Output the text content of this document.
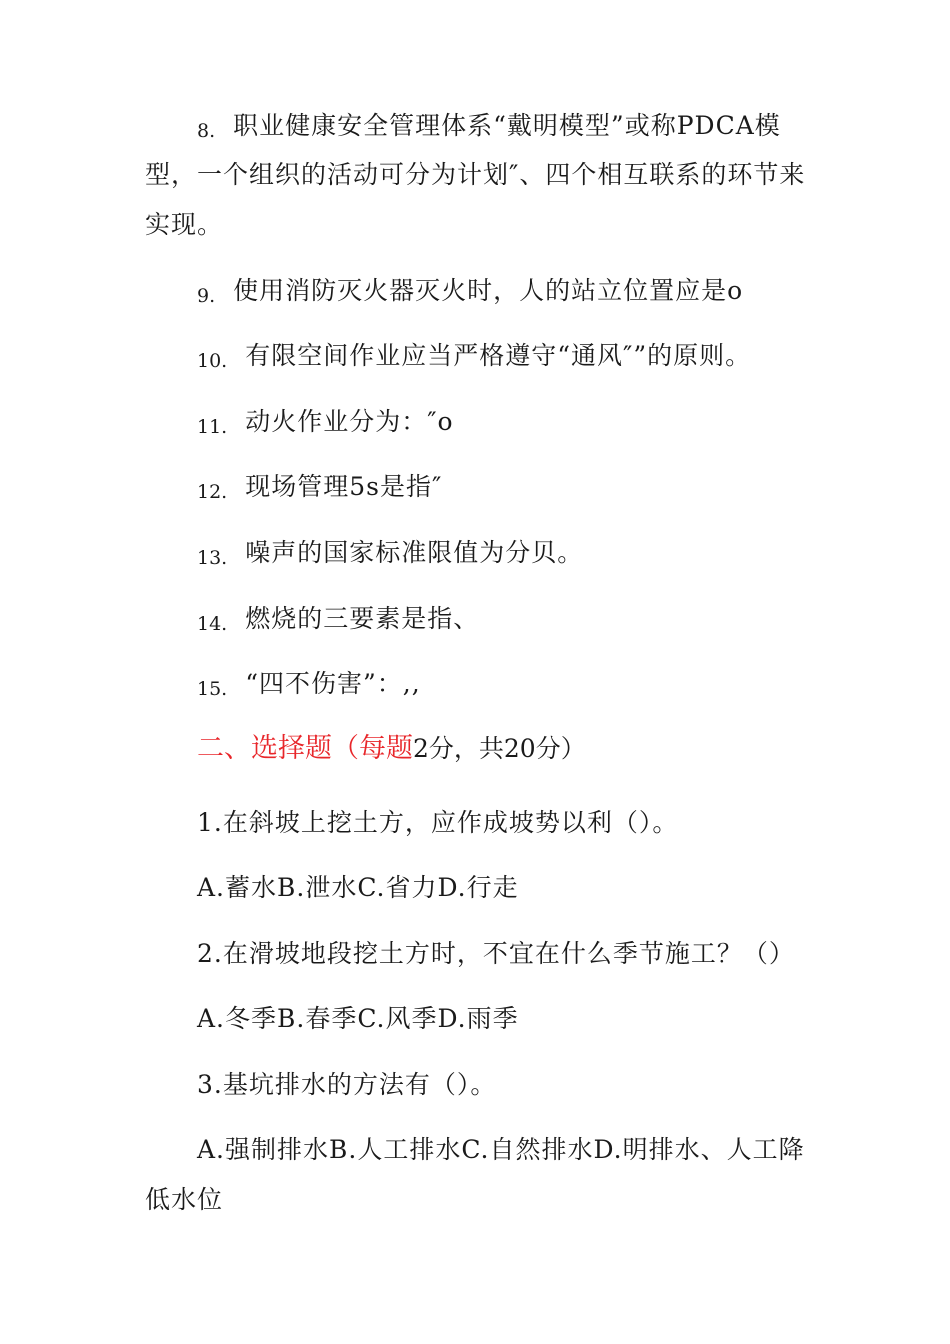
8. 职业健康安全管理体系“戴明模型”或称PDCA模
型，一个组织的活动可分为计划″、四个相互联系的环节来
实现。
9. 使用消防灭火器灭火时，人的站立位置应是o
10. 有限空间作业应当严格遵守“通风″”的原则。
11. 动火作业分为：″o
12. 现场管理5s是指″
13. 噪声的国家标准限值为分贝。
14. 燃烧的三要素是指、
15. “四不伤害”：,,
二、选择题（每题2分，共20分）
1.在斜坡上挖土方，应作成坡势以利（）。
A.蓄水B.泄水C.省力D.行走
2.在滑坡地段挖土方时，不宜在什么季节施工？（）
A.冬季B.春季C.风季D.雨季
3.基坑排水的方法有（）。
A.强制排水B.人工排水C.自然排水D.明排水、人工降
低水位
